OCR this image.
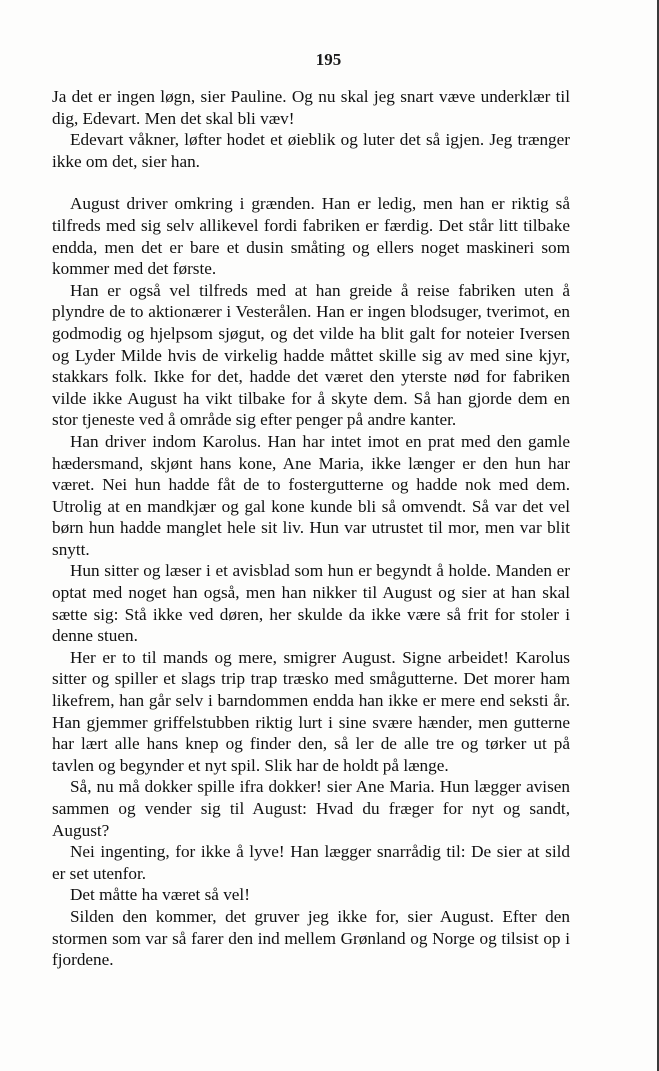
195

Ja det er ingen løgn, sier Pauline. Og nu skal jeg snart væve underklær til dig, Edevart. Men det skal bli væv!

Edevart våkner, løfter hodet et øieblik og luter det så igjen. Jeg trænger ikke om det, sier han.

August driver omkring i grænden. Han er ledig, men han er riktig så tilfreds med sig selv allikevel fordi fabriken er færdig. Det står litt tilbake endda, men det er bare et dusin småting og ellers noget maskineri som kommer med det første.

Han er også vel tilfreds med at han greide å reise fabriken uten å plyndre de to aktionærer i Vesterålen. Han er ingen blodsuger, tverimot, en godmodig og hjelpsom sjøgut, og det vilde ha blit galt for noteier Iversen og Lyder Milde hvis de virkelig hadde måttet skille sig av med sine kjyr, stakkars folk. Ikke for det, hadde det været den yterste nød for fabriken vilde ikke August ha vikt tilbake for å skyte dem. Så han gjorde dem en stor tjeneste ved å område sig efter penger på andre kanter.

Han driver indom Karolus. Han har intet imot en prat med den gamle hædersmand, skjønt hans kone, Ane Maria, ikke længer er den hun har været. Nei hun hadde fåt de to fostergutterne og hadde nok med dem. Utrolig at en mandkjær og gal kone kunde bli så omvendt. Så var det vel børn hun hadde manglet hele sit liv. Hun var utrustet til mor, men var blit snytt.

Hun sitter og læser i et avisblad som hun er begyndt å holde. Manden er optat med noget han også, men han nikker til August og sier at han skal sætte sig: Stå ikke ved døren, her skulde da ikke være så frit for stoler i denne stuen.

Her er to til mands og mere, smigrer August. Signe arbeidet! Karolus sitter og spiller et slags trip trap træsko med smågutterne. Det morer ham likefrem, han går selv i barndommen endda han ikke er mere end seksti år. Han gjemmer griffelstubben riktig lurt i sine svære hænder, men gutterne har lært alle hans knep og finder den, så ler de alle tre og tørker ut på tavlen og begynder et nyt spil. Slik har de holdt på længe.

Så, nu må dokker spille ifra dokker! sier Ane Maria. Hun lægger avisen sammen og vender sig til August: Hvad du fræger for nyt og sandt, August?

Nei ingenting, for ikke å lyve! Han lægger snarrådig til: De sier at sild er set utenfor.

Det måtte ha været så vel!

Silden den kommer, det gruver jeg ikke for, sier August. Efter den stormen som var så farer den ind mellem Grønland og Norge og tilsist op i fjordene.
